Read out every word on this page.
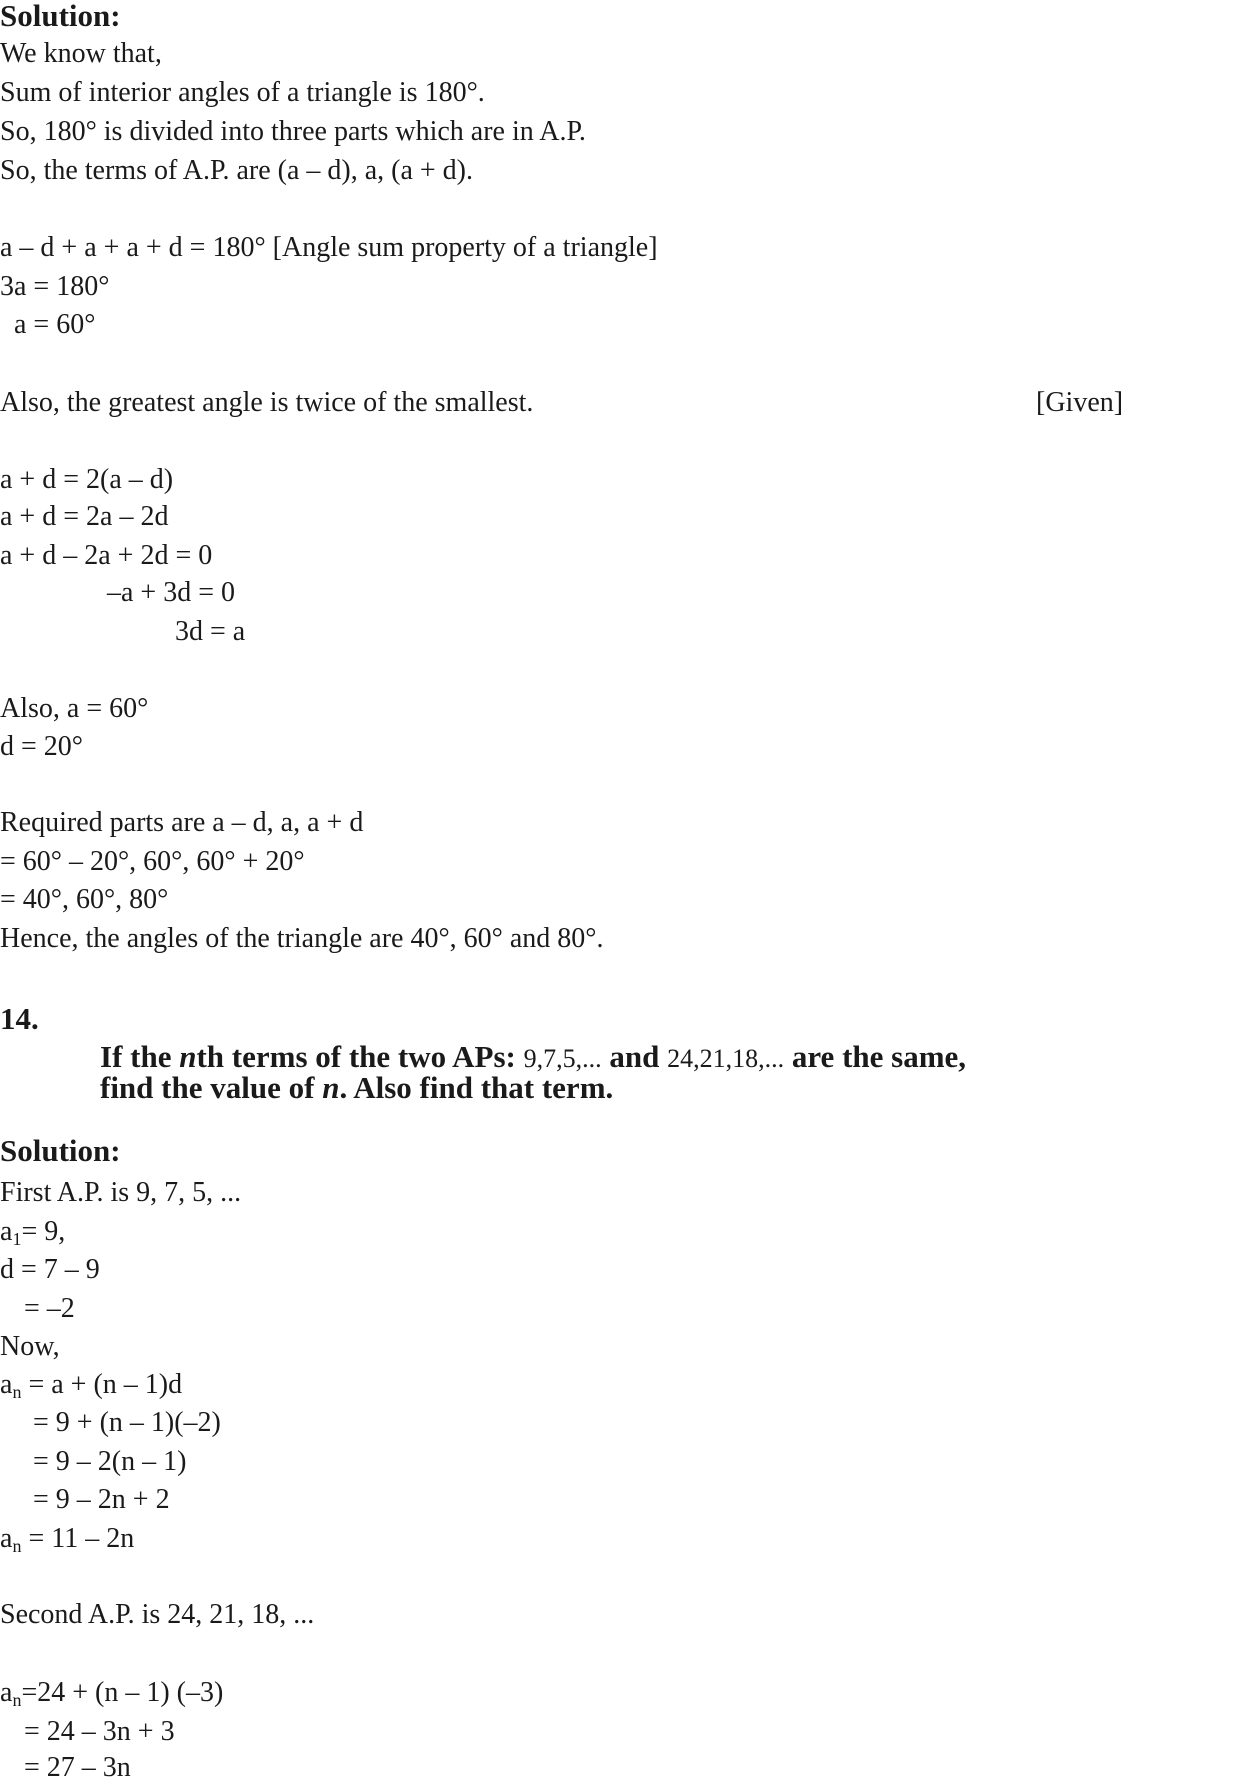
Solution:
We know that,
Sum of interior angles of a triangle is 180°.
So, 180° is divided into three parts which are in A.P.
So, the terms of A.P. are (a – d), a, (a + d).
a – d + a + a + d = 180° [Angle sum property of a triangle]
3a = 180°
a = 60°
Also, the greatest angle is twice of the smallest.	[Given]
a + d = 2(a – d)
a + d = 2a – 2d
a + d – 2a + 2d = 0
–a + 3d = 0
3d = a
Also, a = 60°
d = 20°
Required parts are a – d, a, a + d
= 60° – 20°, 60°, 60° + 20°
= 40°, 60°, 80°
Hence, the angles of the triangle are 40°, 60° and 80°.

14.

If the nth terms of the two APs: 9,7,5,... and 24,21,18,... are the same,

find the value of n. Also find that term.

Solution:
First A.P. is 9, 7, 5, ...
$a_1= 9$,
d = 7 – 9
= –2
Now,
$a_n = a + (n - 1)d$
= 9 + (n – 1)(–2)
= 9 – 2(n – 1)
= 9 – 2n + 2
$a_n = 11 - 2n$
Second A.P. is 24, 21, 18, ...
$a_n=24 + (n - 1)$ (–3)
= 24 – 3n + 3
= 27 – 3n
